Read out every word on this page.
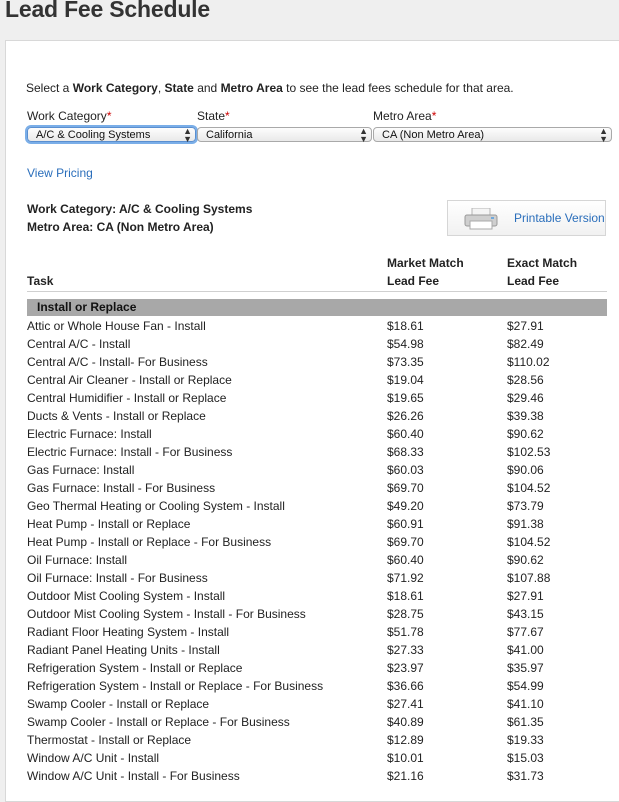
Lead Fee Schedule
Select a Work Category, State and Metro Area to see the lead fees schedule for that area.
Work Category*	State*	Metro Area*
A/C & Cooling Systems	▲
▼	California	▲
▼	CA (Non Metro Area)	▲
▼
View Pricing
Work Category: A/C & Cooling Systems
Metro Area: CA (Non Metro Area)
Printable Version
Task
Market Match
Lead Fee
Exact Match
Lead Fee
Install or Replace
Attic or Whole House Fan - Install	$18.61	$27.91
Central A/C - Install	$54.98	$82.49
Central A/C - Install- For Business	$73.35	$110.02
Central Air Cleaner - Install or Replace	$19.04	$28.56
Central Humidifier - Install or Replace	$19.65	$29.46
Ducts & Vents - Install or Replace	$26.26	$39.38
Electric Furnace: Install	$60.40	$90.62
Electric Furnace: Install - For Business	$68.33	$102.53
Gas Furnace: Install	$60.03	$90.06
Gas Furnace: Install - For Business	$69.70	$104.52
Geo Thermal Heating or Cooling System - Install	$49.20	$73.79
Heat Pump - Install or Replace	$60.91	$91.38
Heat Pump - Install or Replace - For Business	$69.70	$104.52
Oil Furnace: Install	$60.40	$90.62
Oil Furnace: Install - For Business	$71.92	$107.88
Outdoor Mist Cooling System - Install	$18.61	$27.91
Outdoor Mist Cooling System - Install - For Business	$28.75	$43.15
Radiant Floor Heating System - Install	$51.78	$77.67
Radiant Panel Heating Units - Install	$27.33	$41.00
Refrigeration System - Install or Replace	$23.97	$35.97
Refrigeration System - Install or Replace - For Business	$36.66	$54.99
Swamp Cooler - Install or Replace	$27.41	$41.10
Swamp Cooler - Install or Replace - For Business	$40.89	$61.35
Thermostat - Install or Replace	$12.89	$19.33
Window A/C Unit - Install	$10.01	$15.03
Window A/C Unit - Install - For Business	$21.16	$31.73
